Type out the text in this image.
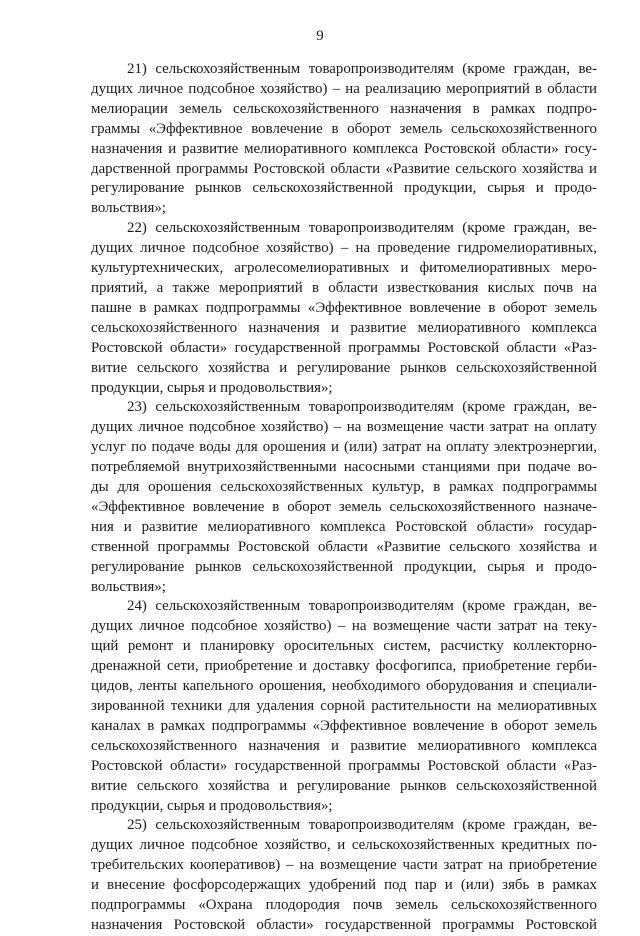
9

21) сельскохозяйственным товаропроизводителям (кроме граждан, ве-
дущих личное подсобное хозяйство) – на реализацию мероприятий в области
мелиорации земель сельскохозяйственного назначения в рамках подпро-
граммы «Эффективное вовлечение в оборот земель сельскохозяйственного
назначения и развитие мелиоративного комплекса Ростовской области» госу-
дарственной программы Ростовской области «Развитие сельского хозяйства и
регулирование рынков сельскохозяйственной продукции, сырья и продо-
вольствия»;

22) сельскохозяйственным товаропроизводителям (кроме граждан, ве-
дущих личное подсобное хозяйство) – на проведение гидромелиоративных,
культуртехнических, агролесомелиоративных и фитомелиоративных меро-
приятий, а также мероприятий в области известкования кислых почв на
пашне в рамках подпрограммы «Эффективное вовлечение в оборот земель
сельскохозяйственного назначения и развитие мелиоративного комплекса
Ростовской области» государственной программы Ростовской области «Раз-
витие сельского хозяйства и регулирование рынков сельскохозяйственной
продукции, сырья и продовольствия»;

23) сельскохозяйственным товаропроизводителям (кроме граждан, ве-
дущих личное подсобное хозяйство) – на возмещение части затрат на оплату
услуг по подаче воды для орошения и (или) затрат на оплату электроэнергии,
потребляемой внутрихозяйственными насосными станциями при подаче во-
ды для орошения сельскохозяйственных культур, в рамках подпрограммы
«Эффективное вовлечение в оборот земель сельскохозяйственного назначе-
ния и развитие мелиоративного комплекса Ростовской области» государ-
ственной программы Ростовской области «Развитие сельского хозяйства и
регулирование рынков сельскохозяйственной продукции, сырья и продо-
вольствия»;

24) сельскохозяйственным товаропроизводителям (кроме граждан, ве-
дущих личное подсобное хозяйство) – на возмещение части затрат на теку-
щий ремонт и планировку оросительных систем, расчистку коллекторно-
дренажной сети, приобретение и доставку фосфогипса, приобретение герби-
цидов, ленты капельного орошения, необходимого оборудования и специали-
зированной техники для удаления сорной растительности на мелиоративных
каналах в рамках подпрограммы «Эффективное вовлечение в оборот земель
сельскохозяйственного назначения и развитие мелиоративного комплекса
Ростовской области» государственной программы Ростовской области «Раз-
витие сельского хозяйства и регулирование рынков сельскохозяйственной
продукции, сырья и продовольствия»;

25) сельскохозяйственным товаропроизводителям (кроме граждан, ве-
дущих личное подсобное хозяйство, и сельскохозяйственных кредитных по-
требительских кооперативов) – на возмещение части затрат на приобретение
и внесение фосфорсодержащих удобрений под пар и (или) зябь в рамках
подпрограммы «Охрана плодородия почв земель сельскохозяйственного
назначения Ростовской области» государственной программы Ростовской
